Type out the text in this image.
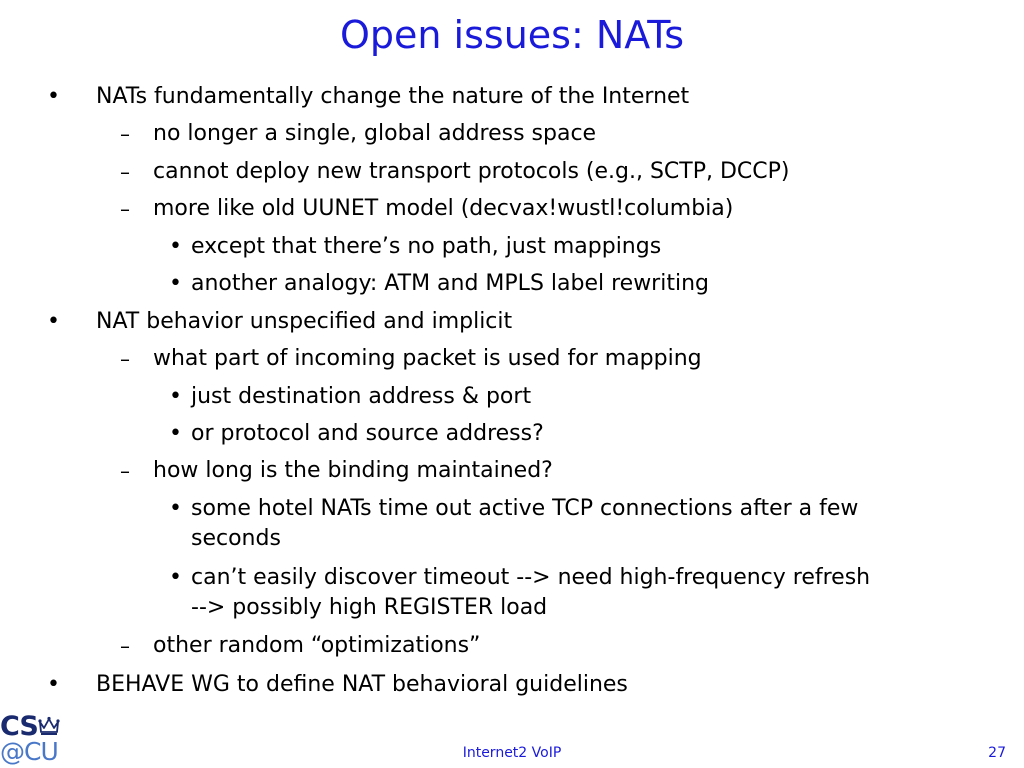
Open issues: NATs
• NATs fundamentally change the nature of the Internet
– no longer a single, global address space
– cannot deploy new transport protocols (e.g., SCTP, DCCP)
– more like old UUNET model (decvax!wustl!columbia)
• except that there’s no path, just mappings
• another analogy: ATM and MPLS label rewriting
• NAT behavior unspecified and implicit
– what part of incoming packet is used for mapping
• just destination address & port
• or protocol and source address?
– how long is the binding maintained?
• some hotel NATs time out active TCP connections after a few
seconds
• can’t easily discover timeout --> need high-frequency refresh
--> possibly high REGISTER load
– other random “optimizations”
• BEHAVE WG to define NAT behavioral guidelines
CS
@CU	Internet2 VoIP	27
